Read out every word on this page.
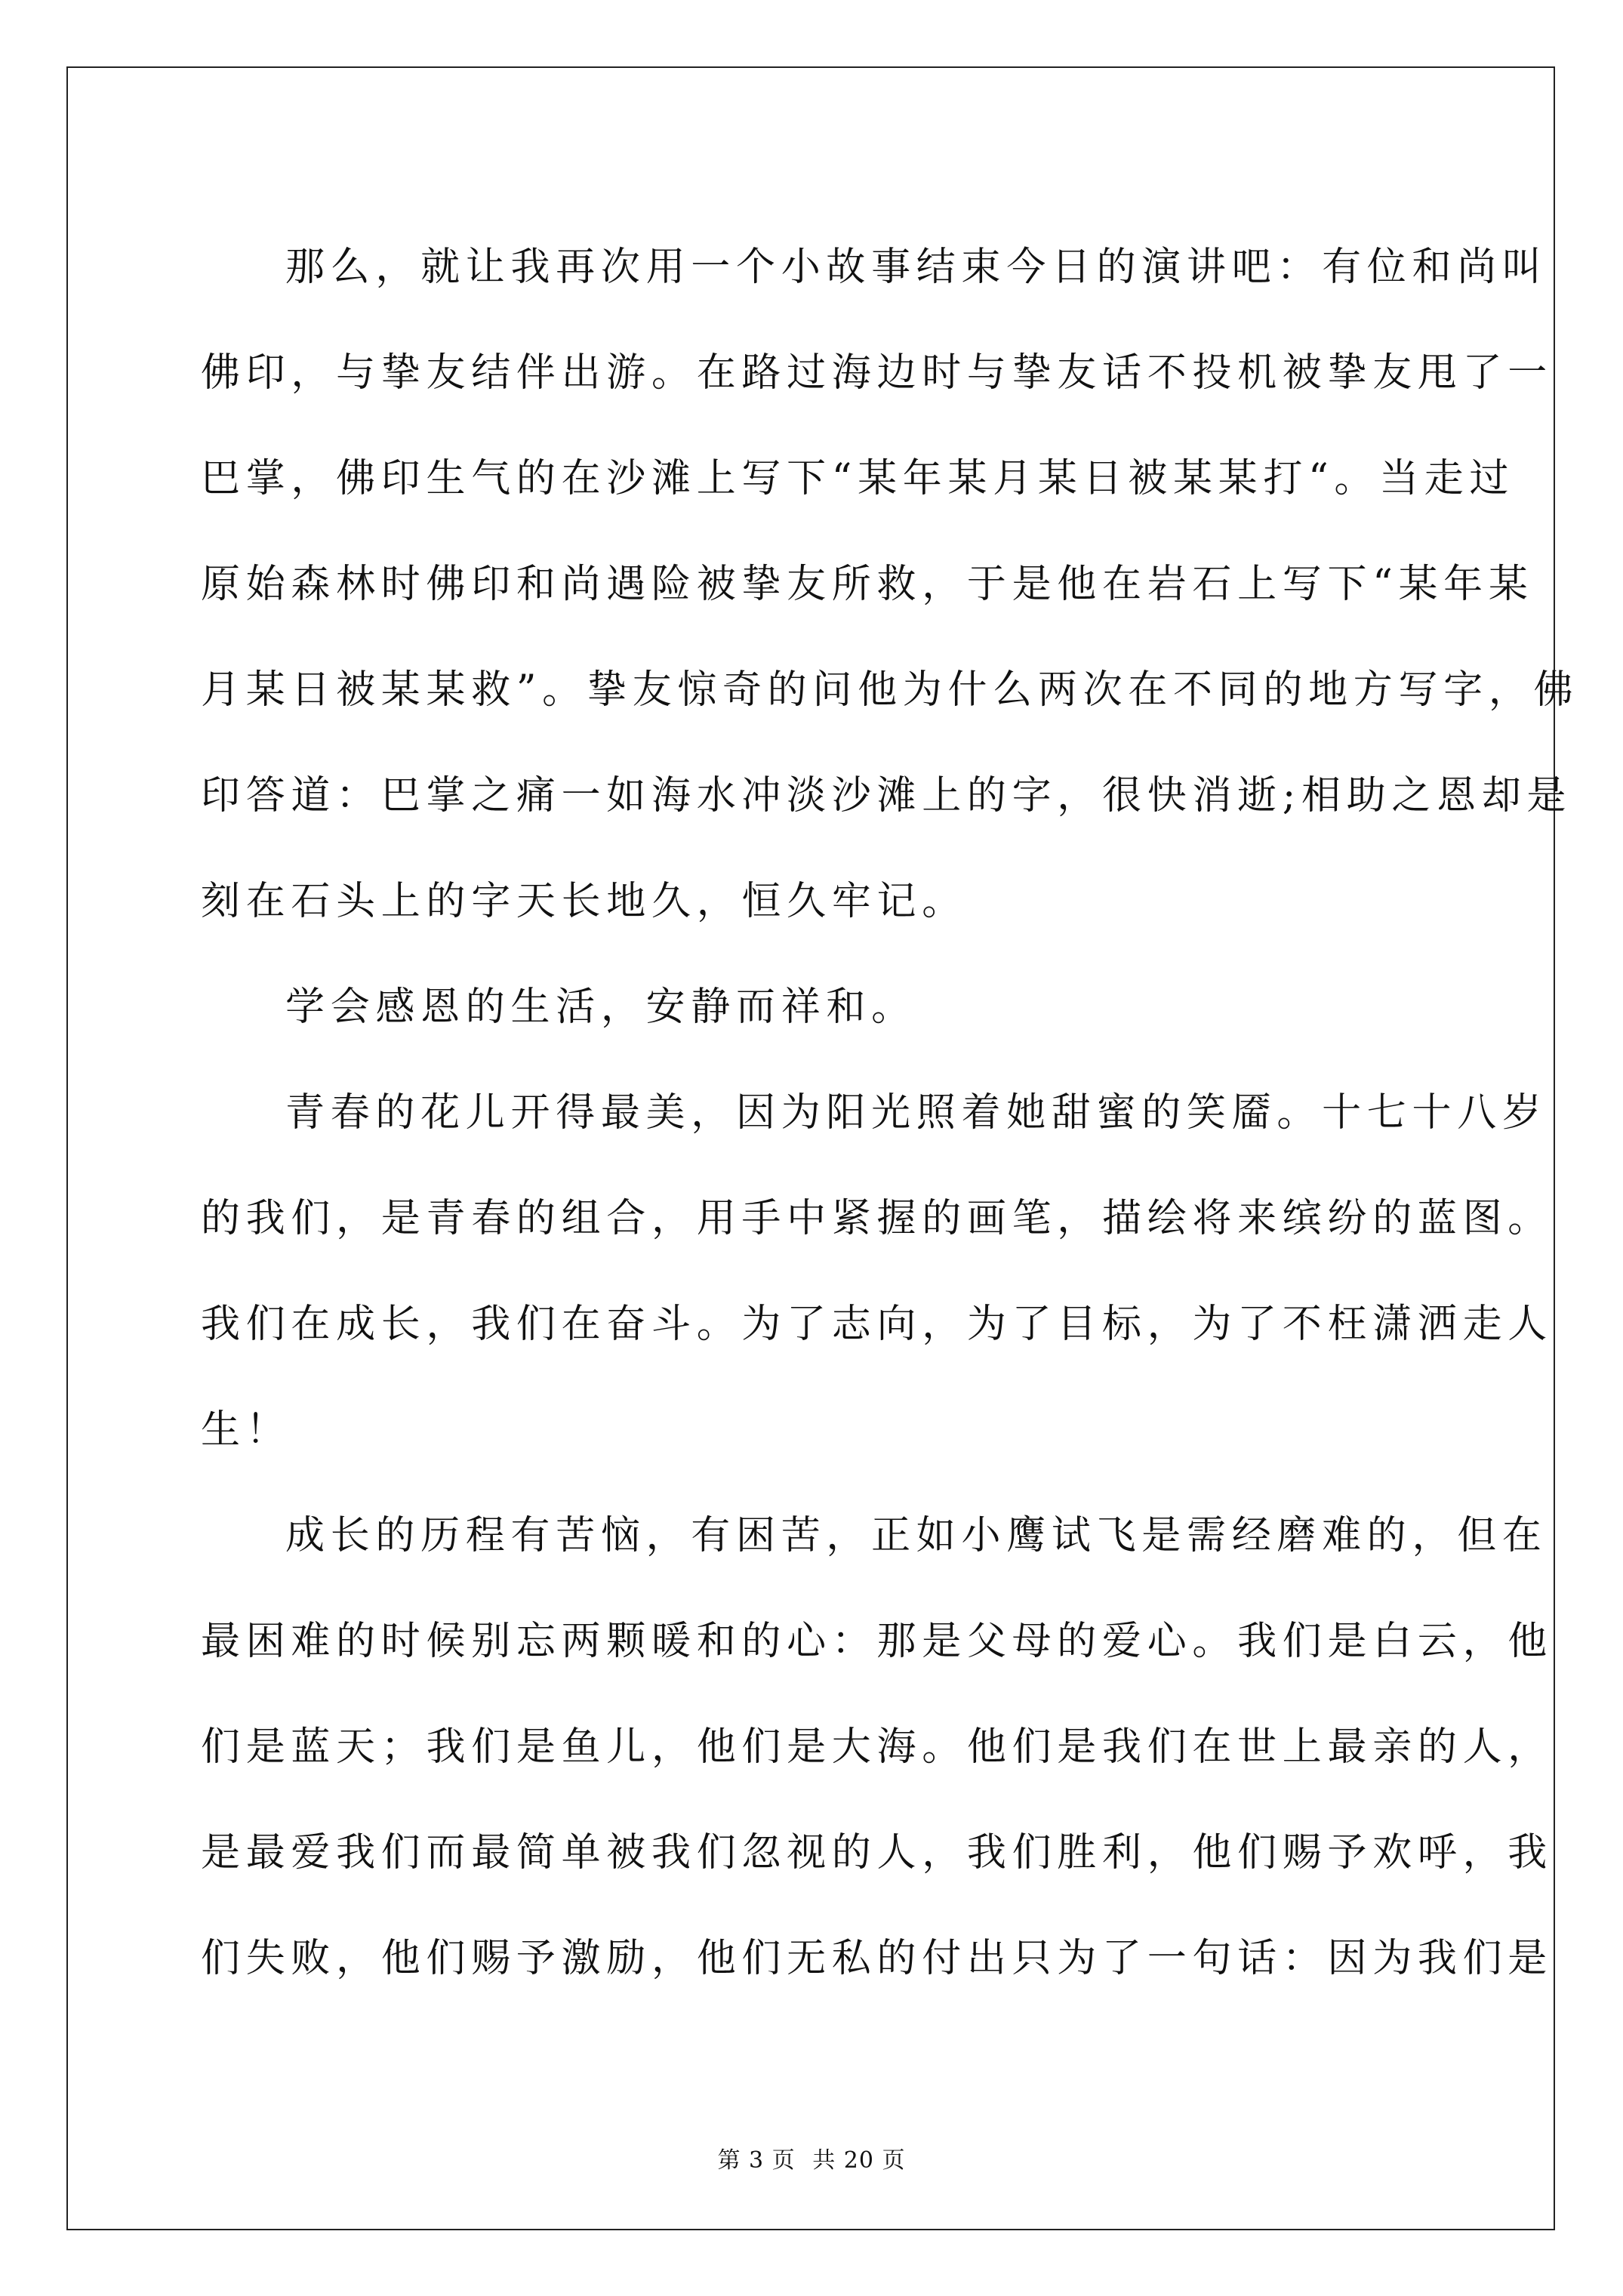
那么，就让我再次用一个小故事结束今日的演讲吧：有位和尚叫
佛印，与挚友结伴出游。在路过海边时与挚友话不投机被挚友甩了一
巴掌，佛印生气的在沙滩上写下“某年某月某日被某某打“。当走过
原始森林时佛印和尚遇险被挚友所救，于是他在岩石上写下“某年某
月某日被某某救”。挚友惊奇的问他为什么两次在不同的地方写字，佛
印答道：巴掌之痛一如海水冲淡沙滩上的字，很快消逝;相助之恩却是
刻在石头上的字天长地久，恒久牢记。

学会感恩的生活，安静而祥和。

青春的花儿开得最美，因为阳光照着她甜蜜的笑靥。十七十八岁
的我们，是青春的组合，用手中紧握的画笔，描绘将来缤纷的蓝图。
我们在成长，我们在奋斗。为了志向，为了目标，为了不枉潇洒走人
生！

成长的历程有苦恼，有困苦，正如小鹰试飞是需经磨难的，但在
最困难的时候别忘两颗暖和的心：那是父母的爱心。我们是白云，他
们是蓝天；我们是鱼儿，他们是大海。他们是我们在世上最亲的人，
是最爱我们而最简单被我们忽视的人，我们胜利，他们赐予欢呼，我
们失败，他们赐予激励，他们无私的付出只为了一句话：因为我们是

第 3 页 共 20 页
